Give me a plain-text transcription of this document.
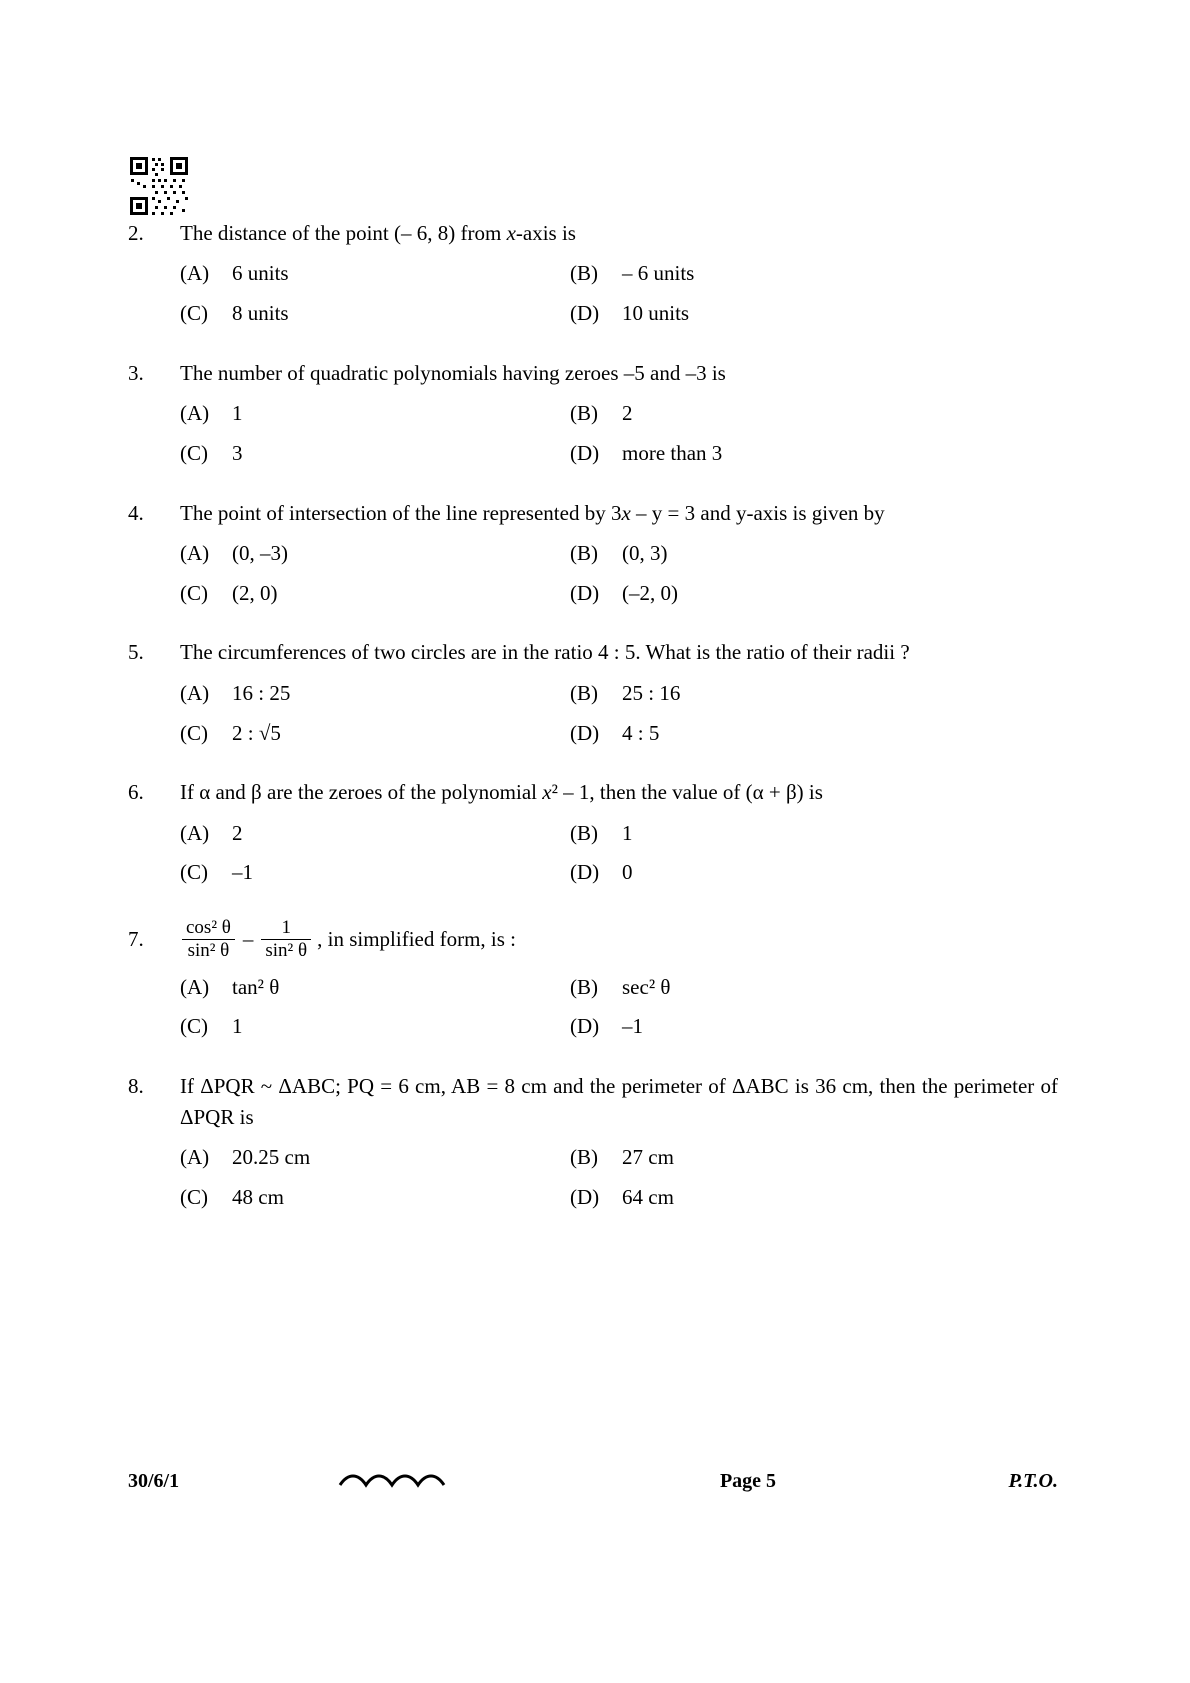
2.	The distance of the point (– 6, 8) from x-axis is
(A)	6 units	(B)	– 6 units
(C)	8 units	(D)	10 units
3.	The number of quadratic polynomials having zeroes –5 and –3 is
(A)	1	(B)	2
(C)	3	(D)	more than 3
4.	The point of intersection of the line represented by 3x – y = 3 and y-axis is given by
(A)	(0, –3)	(B)	(0, 3)
(C)	(2, 0)	(D)	(–2, 0)
5.	The circumferences of two circles are in the ratio 4 : 5. What is the ratio of their radii ?
(A)	16 : 25	(B)	25 : 16
(C)	2 : √5	(D)	4 : 5
6.	If α and β are the zeroes of the polynomial x² – 1, then the value of (α + β) is
(A)	2	(B)	1
(C)	–1	(D)	0
7.	$\frac{\text{cos² θ}}{\text{sin² θ}} - \frac{1}{\text{sin² θ}}$ , in simplified form, is :
(A)	tan² θ	(B)	sec² θ
(C)	1	(D)	–1
8.	If ΔPQR ~ ΔABC; PQ = 6 cm, AB = 8 cm and the perimeter of ΔABC is 36 cm, then the perimeter of ΔPQR is
(A)	20.25 cm	(B)	27 cm
(C)	48 cm	(D)	64 cm
30/6/1	Page 5	P.T.O.
